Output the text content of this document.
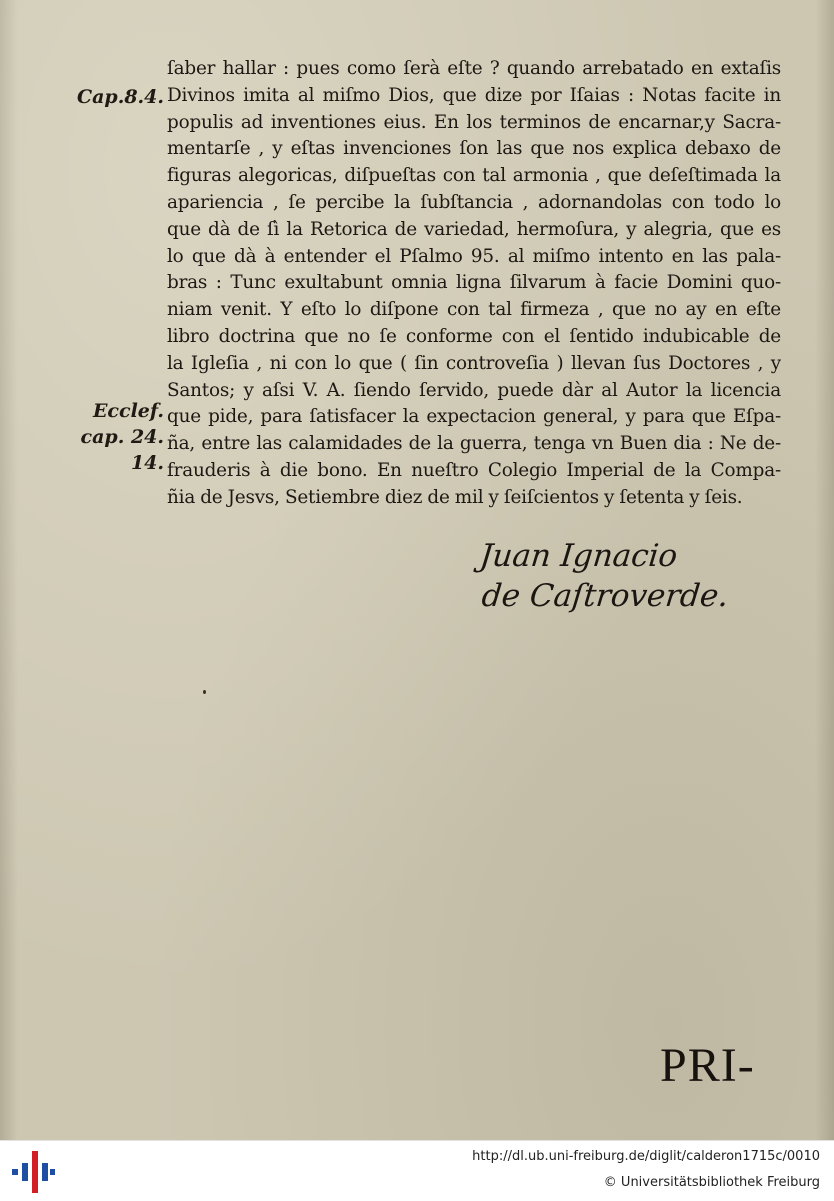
Cap.8.4.
Ecclef.
cap. 24.
14.
ſaber hallar : pues como ſerà eſte ? quando arrebatado en extaſis
Divinos imita al miſmo Dios, que dize por Iſaias : Notas facite in
populis ad inventiones eius. En los terminos de encarnar,y Sacra-
mentarſe , y eſtas invenciones ſon las que nos explica debaxo de
figuras alegoricas, diſpueſtas con tal armonia , que deſeſtimada la
apariencia , ſe percibe la ſubſtancia , adornandolas con todo lo
que dà de ſì la Retorica de variedad, hermoſura, y alegria, que es
lo que dà à entender el Pſalmo 95. al miſmo intento en las pala-
bras : Tunc exultabunt omnia ligna ſilvarum à facie Domini quo-
niam venit. Y eſto lo diſpone con tal firmeza , que no ay en eſte
libro doctrina que no ſe conforme con el ſentido indubicable de
la Igleſia , ni con lo que ( ſin controveſia ) llevan ſus Doctores , y
Santos; y aſsi V. A. ſiendo ſervido, puede dàr al Autor la licencia
que pide, para ſatisfacer la expectacion general, y para que Eſpa-
ña, entre las calamidades de la guerra, tenga vn Buen dia : Ne de-
frauderis à die bono. En nueſtro Colegio Imperial de la Compa-
ñia de Jesvs, Setiembre diez de mil y ſeiſcientos y ſetenta y ſeis.
Juan Ignacio
de Caſtroverde.
PRI-
http://dl.ub.uni-freiburg.de/diglit/calderon1715c/0010
© Universitätsbibliothek Freiburg
